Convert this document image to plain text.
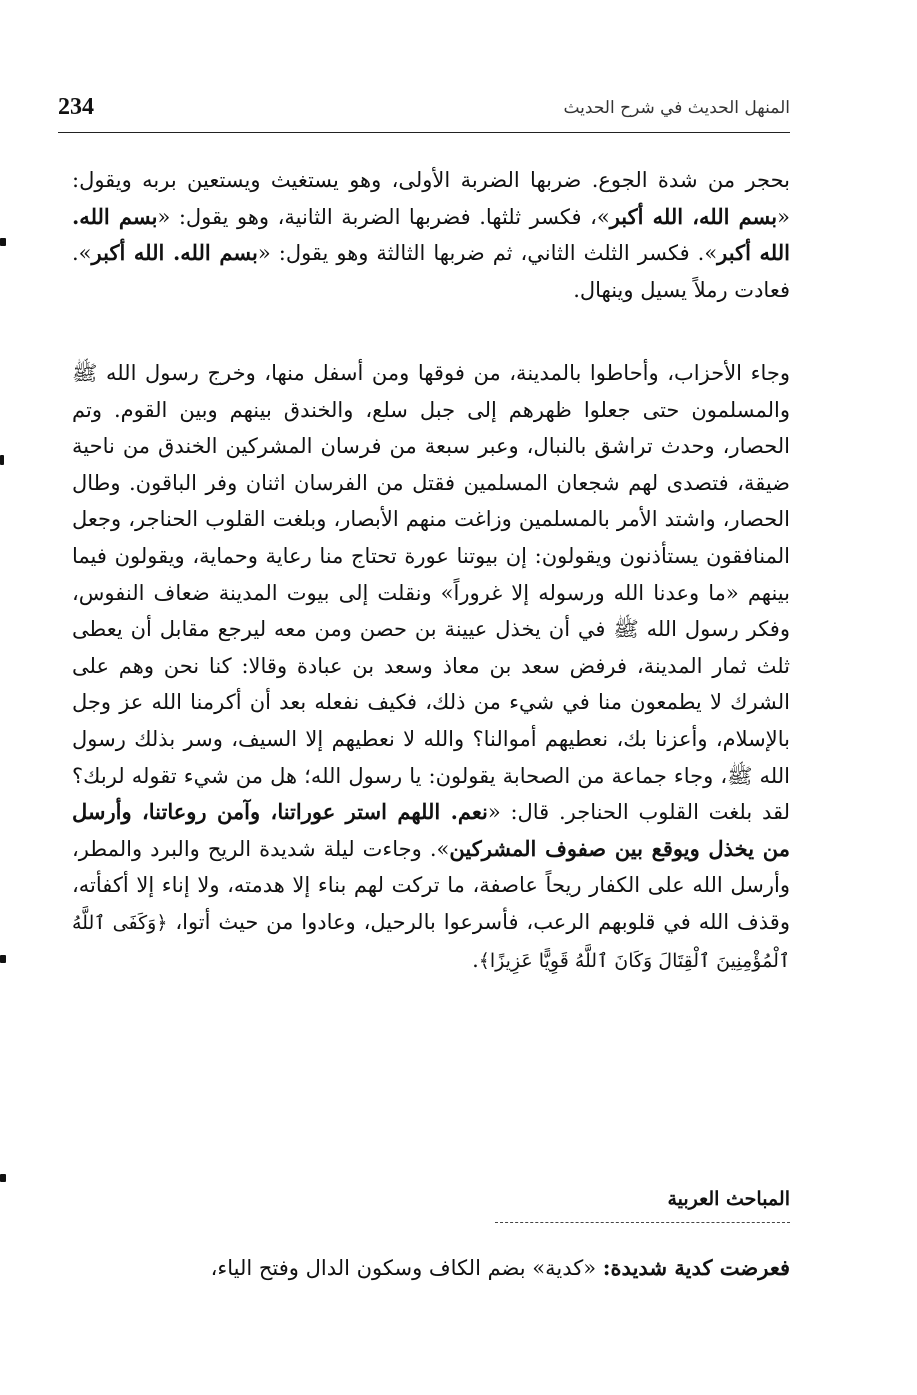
234	المنهل الحديث في شرح الحديث

بحجر من شدة الجوع. ضربها الضربة الأولى، وهو يستغيث ويستعين بربه ويقول: «بسم الله، الله أكبر»، فكسر ثلثها. فضربها الضربة الثانية، وهو يقول: «بسم الله. الله أكبر». فكسر الثلث الثاني، ثم ضربها الثالثة وهو يقول: «بسم الله. الله أكبر». فعادت رملاً يسيل وينهال.

وجاء الأحزاب، وأحاطوا بالمدينة، من فوقها ومن أسفل منها، وخرج رسول الله ﷺ والمسلمون حتى جعلوا ظهرهم إلى جبل سلع، والخندق بينهم وبين القوم. وتم الحصار، وحدث تراشق بالنبال، وعبر سبعة من فرسان المشركين الخندق من ناحية ضيقة، فتصدى لهم شجعان المسلمين فقتل من الفرسان اثنان وفر الباقون. وطال الحصار، واشتد الأمر بالمسلمين وزاغت منهم الأبصار، وبلغت القلوب الحناجر، وجعل المنافقون يستأذنون ويقولون: إن بيوتنا عورة تحتاج منا رعاية وحماية، ويقولون فيما بينهم «ما وعدنا الله ورسوله إلا غروراً» ونقلت إلى بيوت المدينة ضعاف النفوس، وفكر رسول الله ﷺ في أن يخذل عيينة بن حصن ومن معه ليرجع مقابل أن يعطى ثلث ثمار المدينة، فرفض سعد بن معاذ وسعد بن عبادة وقالا: كنا نحن وهم على الشرك لا يطمعون منا في شيء من ذلك، فكيف نفعله بعد أن أكرمنا الله عز وجل بالإسلام، وأعزنا بك، نعطيهم أموالنا؟ والله لا نعطيهم إلا السيف، وسر بذلك رسول الله ﷺ، وجاء جماعة من الصحابة يقولون: يا رسول الله؛ هل من شيء تقوله لربك؟ لقد بلغت القلوب الحناجر. قال: «نعم. اللهم استر عوراتنا، وآمن روعاتنا، وأرسل من يخذل ويوقع بين صفوف المشركين». وجاءت ليلة شديدة الريح والبرد والمطر، وأرسل الله على الكفار ريحاً عاصفة، ما تركت لهم بناء إلا هدمته، ولا إناء إلا أكفأته، وقذف الله في قلوبهم الرعب، فأسرعوا بالرحيل، وعادوا من حيث أتوا، ﴿وَكَفَى ٱللَّهُ ٱلْمُؤْمِنِينَ ٱلْقِتَالَ وَكَانَ ٱللَّهُ قَوِيًّا عَزِيزًا﴾.

المباحث العربية

فعرضت كدية شديدة: «كدية» بضم الكاف وسكون الدال وفتح الياء،
